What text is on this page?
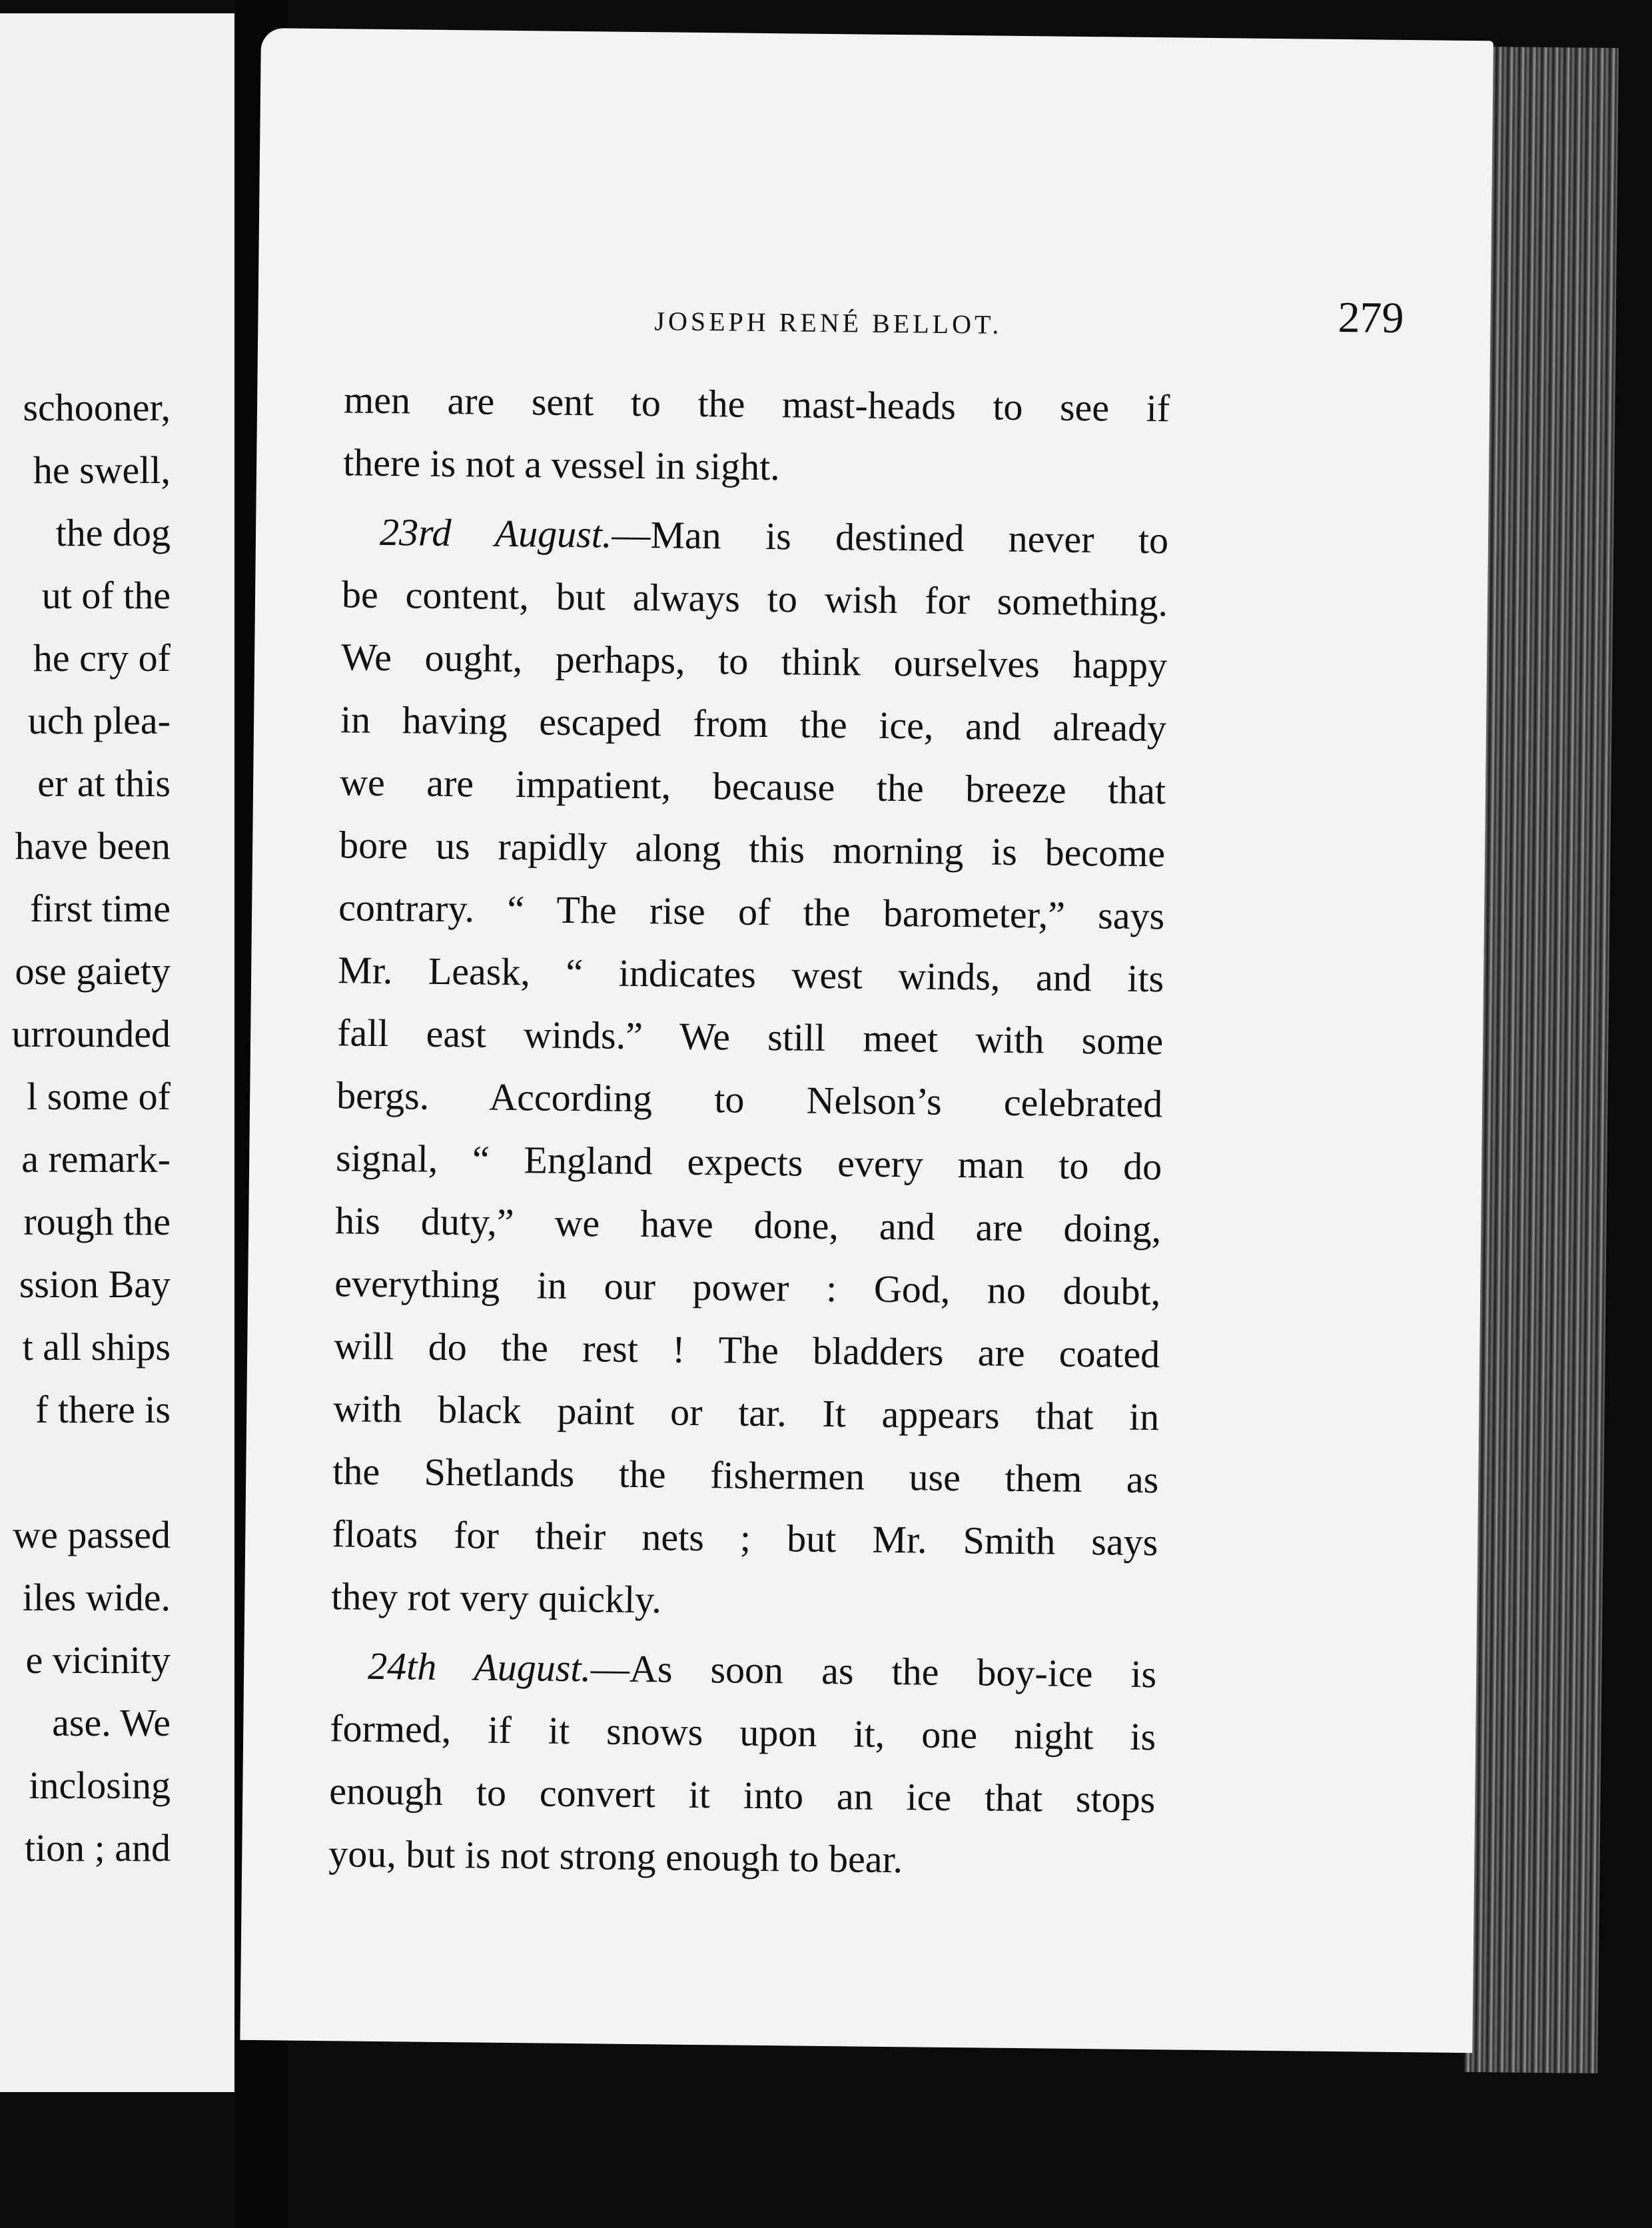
schooner,
he swell,
the dog
ut of the
he cry of
uch plea-
er at this
have been
first time
ose gaiety
urrounded
l some of
a remark-
rough the
ssion Bay
t all ships
f there is
we passed
iles wide.
e vicinity
ase. We
inclosing
tion ; and
JOSEPH RENÉ BELLOT.	279
men are sent to the mast-heads to see if
there is not a vessel in sight.
23rd August.—Man is destined never to
be content, but always to wish for something.
We ought, perhaps, to think ourselves happy
in having escaped from the ice, and already
we are impatient, because the breeze that
bore us rapidly along this morning is become
contrary. “ The rise of the barometer,” says
Mr. Leask, “ indicates west winds, and its
fall east winds.” We still meet with some
bergs. According to Nelson’s celebrated
signal, “ England expects every man to do
his duty,” we have done, and are doing,
everything in our power : God, no doubt,
will do the rest ! The bladders are coated
with black paint or tar. It appears that in
the Shetlands the fishermen use them as
floats for their nets ; but Mr. Smith says
they rot very quickly.
24th August.—As soon as the boy-ice is
formed, if it snows upon it, one night is
enough to convert it into an ice that stops
you, but is not strong enough to bear.
